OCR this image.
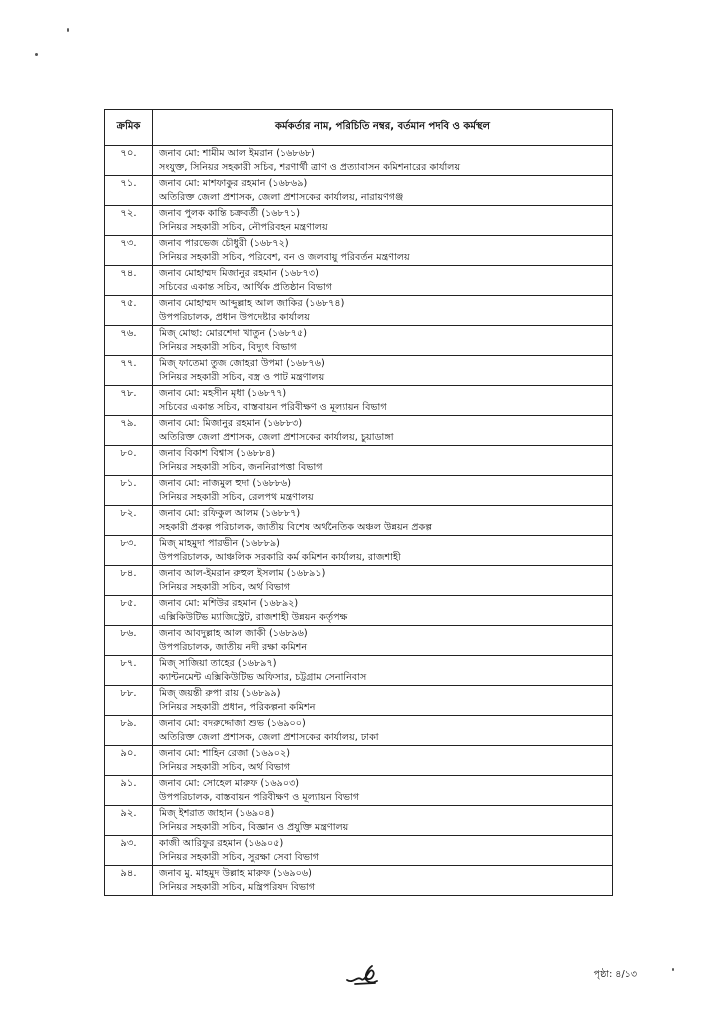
ক্রমিক	কর্মকর্তার নাম, পরিচিতি নম্বর, বর্তমান পদবি ও কর্মস্থল
৭০.	জনাব মো: শামীম আল ইমরান (১৬৮৬৮)
সংযুক্ত, সিনিয়র সহকারী সচিব, শরণার্থী ত্রাণ ও প্রত্যাবাসন কমিশনারের কার্যালয়

৭১.	জনাব মো: মাশফাকুর রহমান (১৬৮৬৯)
অতিরিক্ত জেলা প্রশাসক, জেলা প্রশাসকের কার্যালয়, নারায়ণগঞ্জ

৭২.	জনাব পুলক কান্তি চক্রবর্তী (১৬৮৭১)
সিনিয়র সহকারী সচিব, নৌপরিবহন মন্ত্রণালয়

৭৩.	জনাব পারভেজ চৌধুরী (১৬৮৭২)
সিনিয়র সহকারী সচিব, পরিবেশ, বন ও জলবায়ু পরিবর্তন মন্ত্রণালয়

৭৪.	জনাব মোহাম্মদ মিজানুর রহমান (১৬৮৭৩)
সচিবের একান্ত সচিব, আর্থিক প্রতিষ্ঠান বিভাগ

৭৫.	জনাব মোহাম্মদ আব্দুল্লাহ আল জাকির (১৬৮৭৪)
উপপরিচালক, প্রধান উপদেষ্টার কার্যালয়

৭৬.	মিজ্ মোছা: মোরশেদা খাতুন (১৬৮৭৫)
সিনিয়র সহকারী সচিব, বিদ্যুৎ বিভাগ

৭৭.	মিজ্ ফাতেমা তুজ জোহরা উপমা (১৬৮৭৬)
সিনিয়র সহকারী সচিব, বস্ত্র ও পাট মন্ত্রণালয়

৭৮.	জনাব মো: মহসীন মৃধা (১৬৮৭৭)
সচিবের একান্ত সচিব, বাস্তবায়ন পরিবীক্ষণ ও মূল্যায়ন বিভাগ

৭৯.	জনাব মো: মিজানুর রহমান (১৬৮৮৩)
অতিরিক্ত জেলা প্রশাসক, জেলা প্রশাসকের কার্যালয়, চুয়াডাঙ্গা

৮০.	জনাব বিকাশ বিশ্বাস (১৬৮৮৪)
সিনিয়র সহকারী সচিব, জননিরাপত্তা বিভাগ

৮১.	জনাব মো: নাজমুল হুদা (১৬৮৮৬)
সিনিয়র সহকারী সচিব, রেলপথ মন্ত্রণালয়

৮২.	জনাব মো: রফিকুল আলম (১৬৮৮৭)
সহকারী প্রকল্প পরিচালক, জাতীয় বিশেষ অর্থনৈতিক অঞ্চল উন্নয়ন প্রকল্প

৮৩.	মিজ্ মাহমুদা পারভীন (১৬৮৮৯)
উপপরিচালক, আঞ্চলিক সরকারি কর্ম কমিশন কার্যালয়, রাজশাহী

৮৪.	জনাব আল-ইমরান রুহুল ইসলাম (১৬৮৯১)
সিনিয়র সহকারী সচিব, অর্থ বিভাগ

৮৫.	জনাব মো: মশিউর রহমান (১৬৮৯২)
এক্সিকিউটিভ ম্যাজিস্ট্রেট, রাজশাহী উন্নয়ন কর্তৃপক্ষ

৮৬.	জনাব আবদুল্লাহ আল জাকী (১৬৮৯৬)
উপপরিচালক, জাতীয় নদী রক্ষা কমিশন

৮৭.	মিজ্ সাজিয়া তাহের (১৬৮৯৭)
ক্যান্টনমেন্ট এক্সিকিউটিভ অফিসার, চট্টগ্রাম সেনানিবাস

৮৮.	মিজ্ জয়ন্তী রুপা রায় (১৬৮৯৯)
সিনিয়র সহকারী প্রধান, পরিকল্পনা কমিশন

৮৯.	জনাব মো: বদরুদ্দোজা শুভ (১৬৯০০)
অতিরিক্ত জেলা প্রশাসক, জেলা প্রশাসকের কার্যালয়, ঢাকা

৯০.	জনাব মো: শাহিন রেজা (১৬৯০২)
সিনিয়র সহকারী সচিব, অর্থ বিভাগ

৯১.	জনাব মো: সোহেল মারুফ (১৬৯০৩)
উপপরিচালক, বাস্তবায়ন পরিবীক্ষণ ও মূল্যায়ন বিভাগ

৯২.	মিজ্ ইশরাত জাহান (১৬৯০৪)
সিনিয়র সহকারী সচিব, বিজ্ঞান ও প্রযুক্তি মন্ত্রণালয়

৯৩.	কাজী আরিফুর রহমান (১৬৯০৫)
সিনিয়র সহকারী সচিব, সুরক্ষা সেবা বিভাগ

৯৪.	জনাব মু. মাহমুদ উল্লাহ মারুফ (১৬৯০৬)
সিনিয়র সহকারী সচিব, মন্ত্রিপরিষদ বিভাগ
পৃষ্ঠা: ৪/১৩
